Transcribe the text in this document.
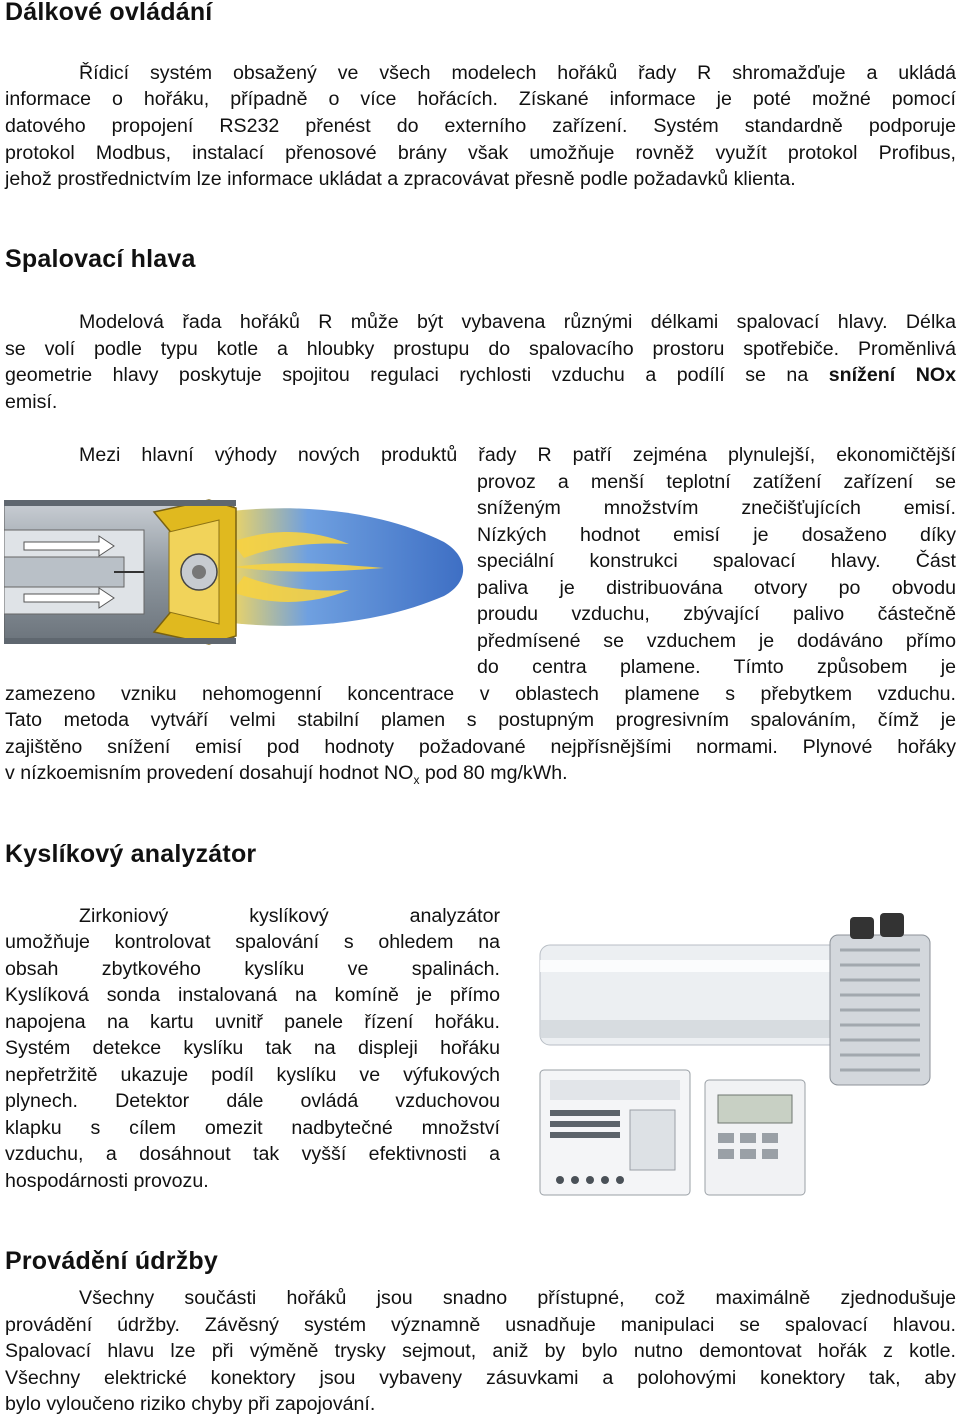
Dálkové ovládání
Řídicí systém obsažený ve všech modelech hořáků řady R shromažďuje a ukládá
informace o hořáku, případně o více hořácích. Získané informace je poté možné pomocí
datového propojení RS232 přenést do externího zařízení. Systém standardně podporuje
protokol Modbus, instalací přenosové brány však umožňuje rovněž využít protokol Profibus,
jehož prostřednictvím lze informace ukládat a zpracovávat přesně podle požadavků klienta.
Spalovací hlava
Modelová řada hořáků R může být vybavena různými délkami spalovací hlavy. Délka
se volí podle typu kotle a hloubky prostupu do spalovacího prostoru spotřebiče. Proměnlivá
geometrie hlavy poskytuje spojitou regulaci rychlosti vzduchu a podílí se na snížení NOx
emisí.
Mezi hlavní výhody nových produktů řady R patří zejména plynulejší, ekonomičtější
provoz a menší teplotní zatížení zařízení se
sníženým množstvím znečišťujících emisí.
Nízkých hodnot emisí je dosaženo díky
speciální konstrukci spalovací hlavy. Část
paliva je distribuována otvory po obvodu
proudu vzduchu, zbývající palivo částečně
předmísené se vzduchem je dodáváno přímo
do centra plamene. Tímto způsobem je
zamezeno vzniku nehomogenní koncentrace v oblastech plamene s přebytkem vzduchu.
Tato metoda vytváří velmi stabilní plamen s postupným progresivním spalováním, čímž je
zajištěno snížení emisí pod hodnoty požadované nejpřísnějšími normami. Plynové hořáky
v nízkoemisním provedení dosahují hodnot $NO_x$ pod 80 mg/kWh.
Kyslíkový analyzátor
Zirkoniový kyslíkový analyzátor
umožňuje kontrolovat spalování s ohledem na
obsah zbytkového kyslíku ve spalinách.
Kyslíková sonda instalovaná na komíně je přímo
napojena na kartu uvnitř panele řízení hořáku.
Systém detekce kyslíku tak na displeji hořáku
nepřetržitě ukazuje podíl kyslíku ve výfukových
plynech. Detektor dále ovládá vzduchovou
klapku s cílem omezit nadbytečné množství
vzduchu, a dosáhnout tak vyšší efektivnosti a
hospodárnosti provozu.
Provádění údržby
Všechny součásti hořáků jsou snadno přístupné, což maximálně zjednodušuje
provádění údržby. Závěsný systém významně usnadňuje manipulaci se spalovací hlavou.
Spalovací hlavu lze při výměně trysky sejmout, aniž by bylo nutno demontovat hořák z kotle.
Všechny elektrické konektory jsou vybaveny zásuvkami a polohovými konektory tak, aby
bylo vyloučeno riziko chyby při zapojování.
